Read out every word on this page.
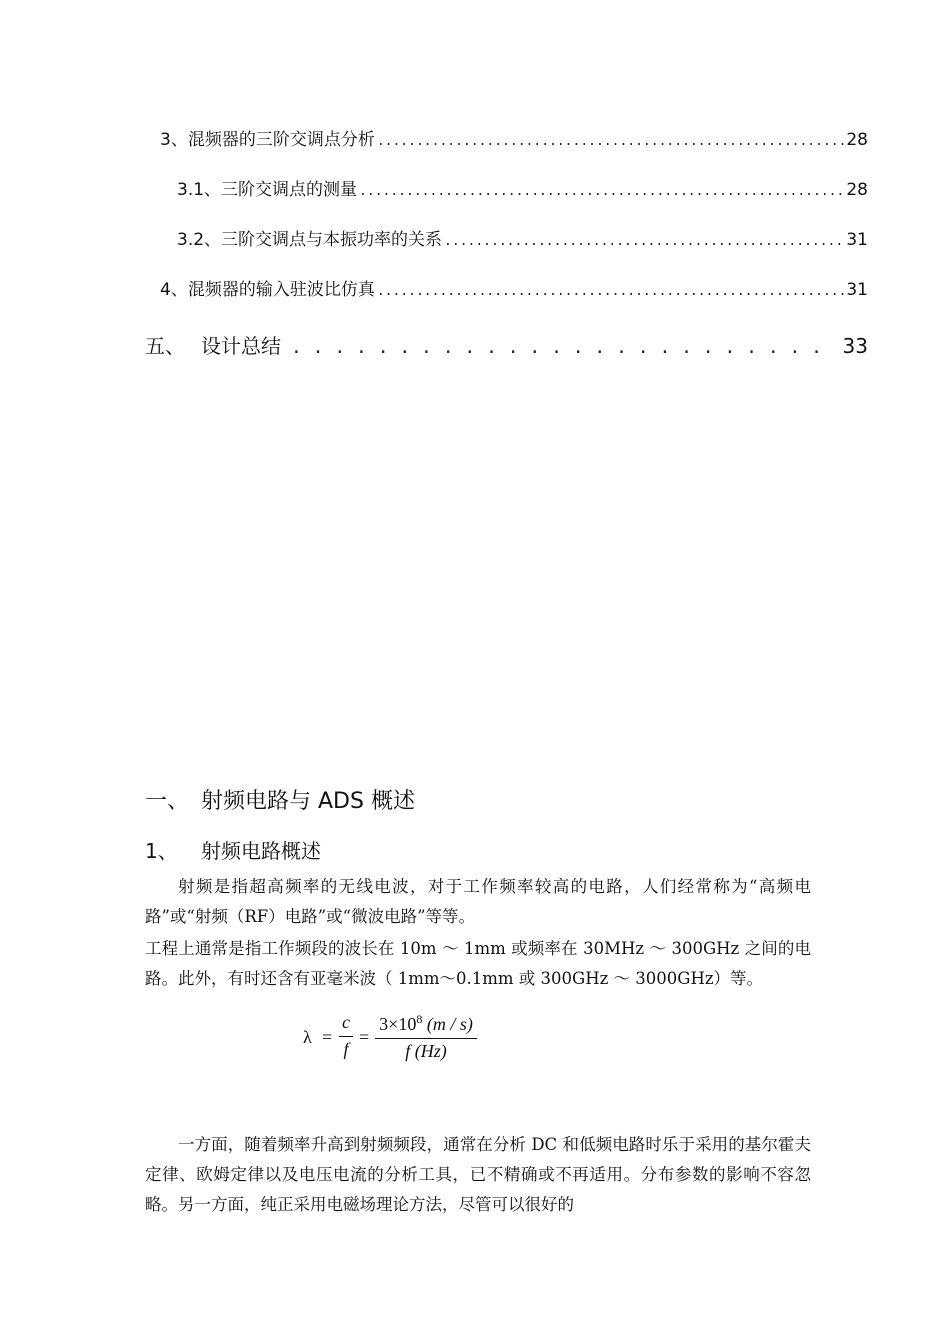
3、混频器的三阶交调点分析 .....	28
3.1、三阶交调点的测量 .....	28
3.2、三阶交调点与本振功率的关系 .....	31
4、混频器的输入驻波比仿真 .....	31
五、 设计总结 . .	33
一、 射频电路与 ADS 概述
1、 射频电路概述

射频是指超高频率的无线电波，对于工作频率较高的电路，人们经常称为“高频电路”或“射频（RF）电路”或“微波电路”等等。

工程上通常是指工作频段的波长在 10m ～ 1mm 或频率在 30MHz ～ 300GHz 之间的电路。此外，有时还含有亚毫米波（ 1mm～0.1mm 或 300GHz ～ 3000GHz）等。

λ =
c
f
=
$3\times 10^8$ (m / s)
f (Hz)

一方面，随着频率升高到射频频段，通常在分析 DC 和低频电路时乐于采用的基尔霍夫定律、欧姆定律以及电压电流的分析工具，已不精确或不再适用。分布参数的影响不容忽略。另一方面，纯正采用电磁场理论方法，尽管可以很好的
